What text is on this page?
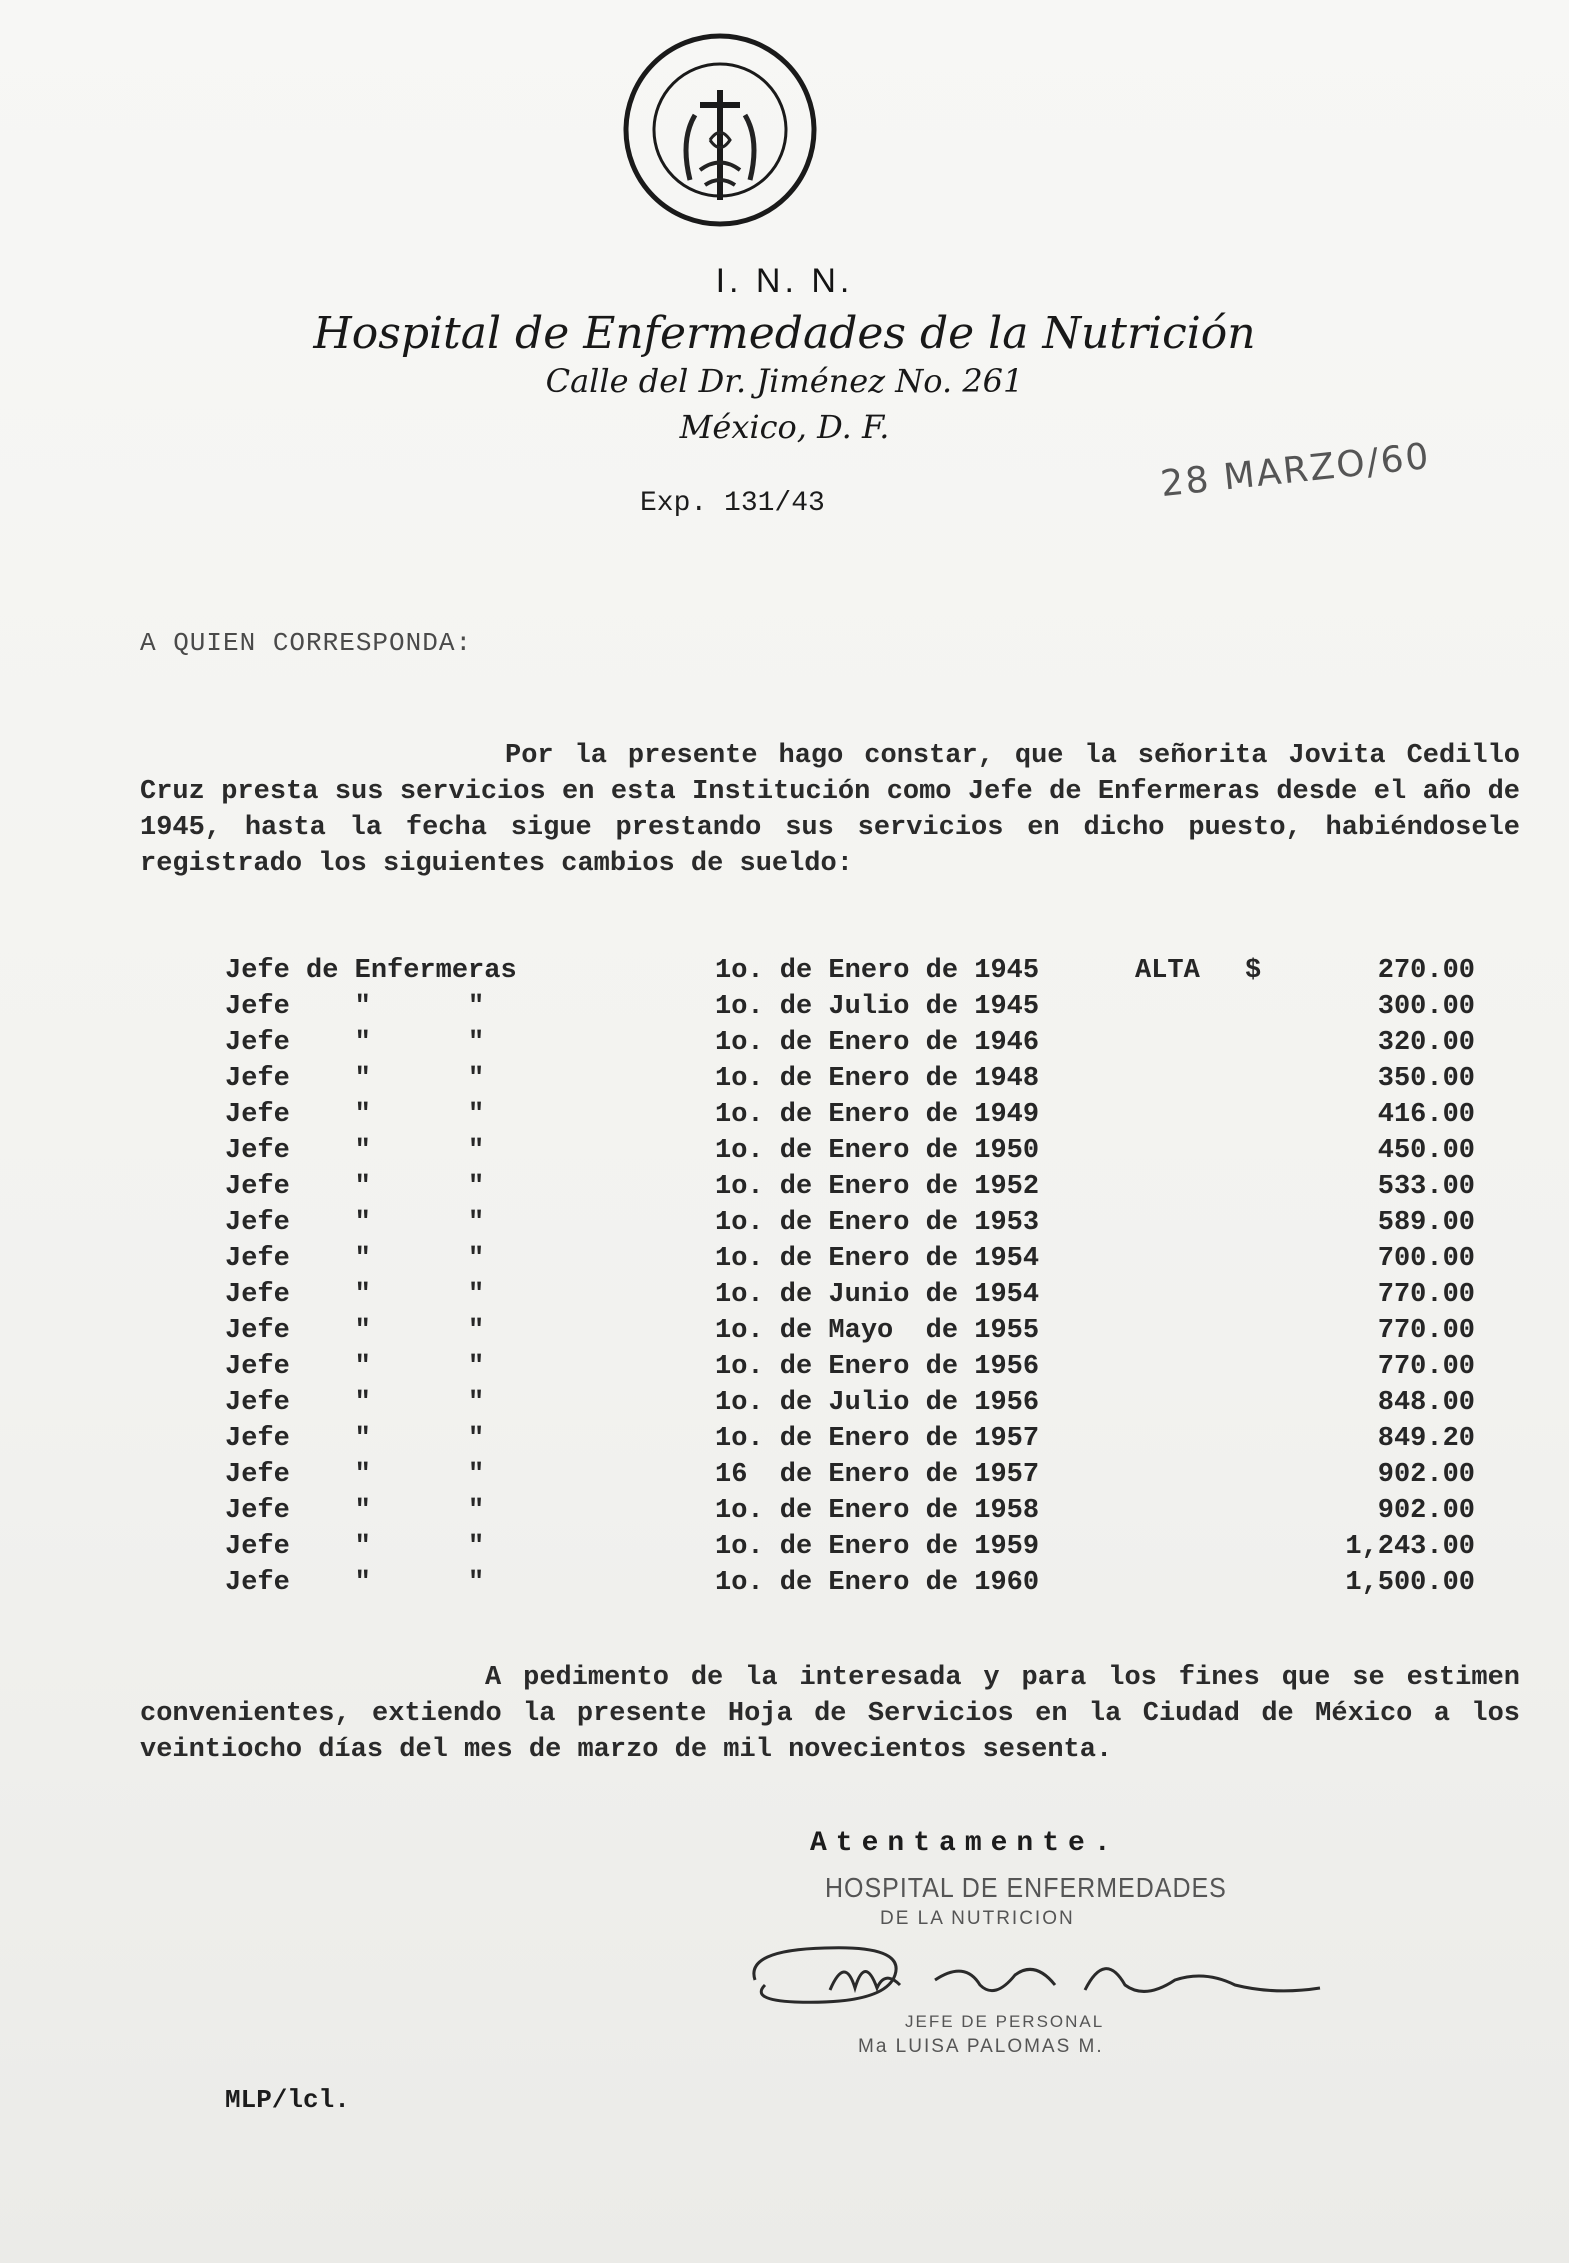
I. N. N.
Hospital de Enfermedades de la Nutrición
Calle del Dr. Jiménez No. 261
México, D. F.
28 MARZO/60
Exp. 131/43
A QUIEN CORRESPONDA:
Por la presente hago constar, que la señorita Jovita Cedillo Cruz presta sus servicios en esta Institución como Jefe de Enfermeras desde el año de 1945, hasta la fecha sigue prestando sus servicios en dicho puesto, habiéndosele registrado los siguientes cambios de sueldo:
Jefe de Enfermeras	1o. de Enero de 1945	ALTA	$	270.00
Jefe    "      "	1o. de Julio de 1945			300.00
Jefe    "      "	1o. de Enero de 1946			320.00
Jefe    "      "	1o. de Enero de 1948			350.00
Jefe    "      "	1o. de Enero de 1949			416.00
Jefe    "      "	1o. de Enero de 1950			450.00
Jefe    "      "	1o. de Enero de 1952			533.00
Jefe    "      "	1o. de Enero de 1953			589.00
Jefe    "      "	1o. de Enero de 1954			700.00
Jefe    "      "	1o. de Junio de 1954			770.00
Jefe    "      "	1o. de Mayo  de 1955			770.00
Jefe    "      "	1o. de Enero de 1956			770.00
Jefe    "      "	1o. de Julio de 1956			848.00
Jefe    "      "	1o. de Enero de 1957			849.20
Jefe    "      "	16  de Enero de 1957			902.00
Jefe    "      "	1o. de Enero de 1958			902.00
Jefe    "      "	1o. de Enero de 1959			1,243.00
Jefe    "      "	1o. de Enero de 1960			1,500.00
A pedimento de la interesada y para los fines que se estimen convenientes, extiendo la presente Hoja de Servicios en la Ciudad de México a los veintiocho días del mes de marzo de mil novecientos sesenta.
Atentamente.
HOSPITAL DE ENFERMEDADES
DE LA NUTRICION
JEFE DE PERSONAL
Ma LUISA PALOMAS M.
MLP/lcl.
